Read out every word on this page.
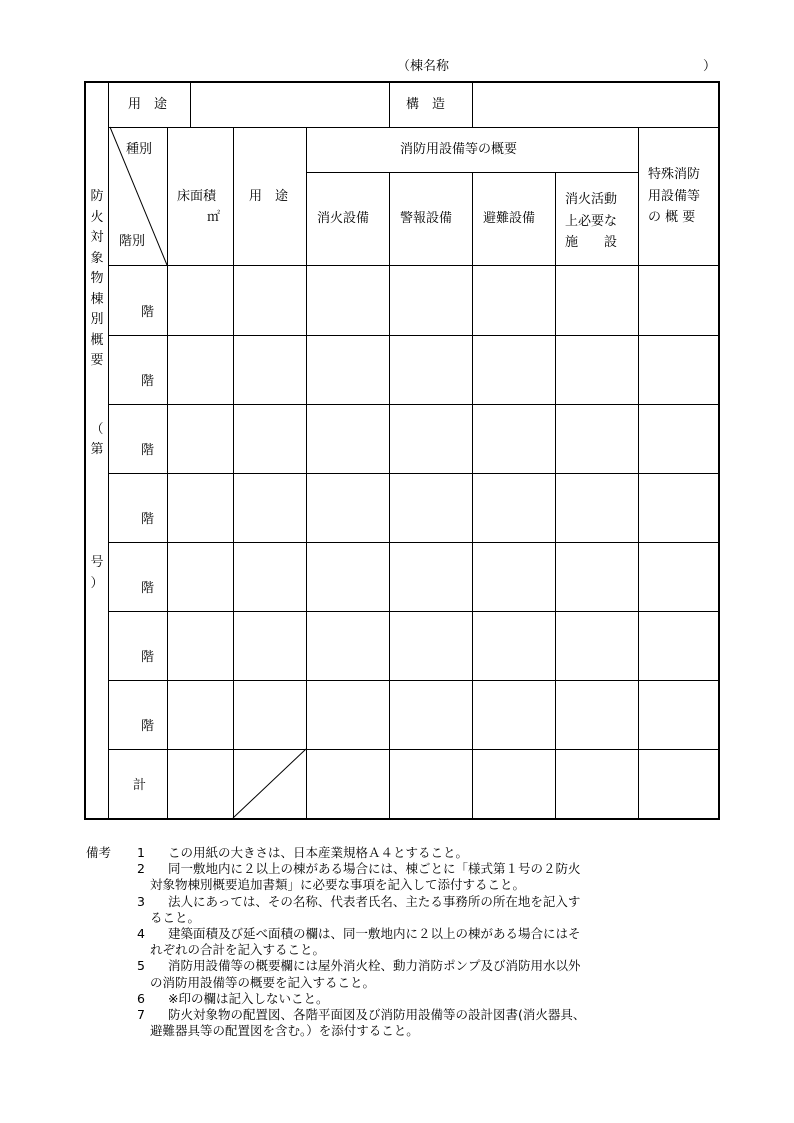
（棟名称	）
防
火
対
象
物
棟
別
概
要
（
第
号
）
用　途	構　造
種別
階別
床面積
㎡
用　途
消防用設備等の概要
消火設備 警報設備 避難設備
消火活動
上必要な
施　　設
特殊消防
用設備等
の 概 要
階
階
階
階
階
階
階
計
備考 1 この用紙の大きさは、日本産業規格Ａ４とすること。
2 同一敷地内に２以上の棟がある場合には、棟ごとに「様式第１号の２防火
対象物棟別概要追加書類」に必要な事項を記入して添付すること。
3 法人にあっては、その名称、代表者氏名、主たる事務所の所在地を記入す
ること。
4 建築面積及び延べ面積の欄は、同一敷地内に２以上の棟がある場合にはそ
れぞれの合計を記入すること。
5 消防用設備等の概要欄には屋外消火栓、動力消防ポンプ及び消防用水以外
の消防用設備等の概要を記入すること。
6 ※印の欄は記入しないこと。
7 防火対象物の配置図、各階平面図及び消防用設備等の設計図書(消火器具、
避難器具等の配置図を含む。）を添付すること。
